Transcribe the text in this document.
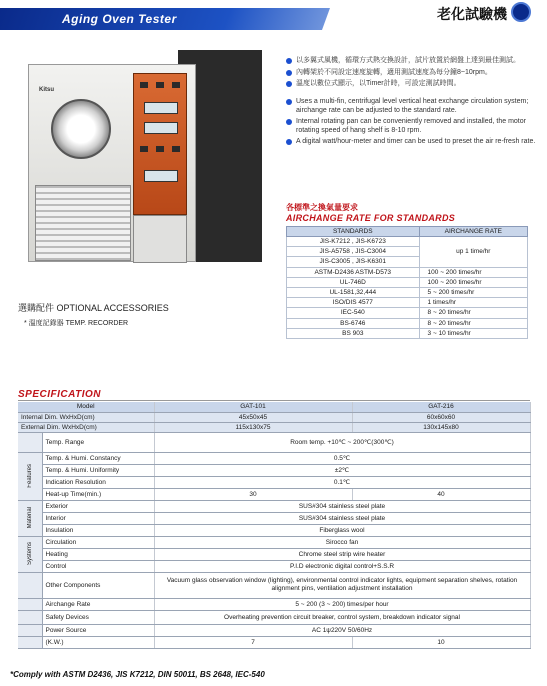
Aging Oven Tester	老化試驗機
Kitsu
選購配件 OPTIONAL ACCESSORIES
* 溫度記錄器 TEMP. RECORDER
以多翼式風機，循環方式熱交換設計，試片放置於網盤上達到最佳測試。
內轉架於不同設定速度旋轉，適用測試速度為每分鐘8~10rpm。
溫度以數位式顯示，以Timer計時，可設定測試時間。
Uses a multi-fin, centrifugal level vertical heat exchange circulation system; airchange rate can be adjusted to the standard rate.
Internal rotating pan can be conveniently removed and installed, the motor rotating speed of hang shelf is 8-10 rpm.
A digital watt/hour-meter and timer can be used to preset the air re-fresh rate.
各標準之換氣量要求
AIRCHANGE RATE FOR STANDARDS
STANDARDS	AIRCHANGE RATE
JIS-K7212 , JIS-K6723	up 1 time/hr
JIS-A5758 , JIS-C3004	
JIS-C3005 , JIS-K6301	
ASTM-D2436 ASTM-D573	100 ~ 200 times/hr
UL-746D	100 ~ 200 times/hr
UL-1581,32,444	5 ~ 200 times/hr
ISO/DIS 4577	1 times/hr
IEC-540	8 ~ 20 times/hr
BS-6746	8 ~ 20 times/hr
BS 903	3 ~ 10 times/hr
SPECIFICATION
Model		GAT-101	GAT-216
Internal Dim. WxHxD(cm)		45x50x45	60x60x60
External Dim. WxHxD(cm)		115x130x75	130x145x80
	Temp. Range	Room temp. +10℃ ~ 200℃(300℃)	

Features	Temp. & Humi. Constancy	0.5℃	
	Temp. & Humi. Uniformity	±2℃	
	Indication Resolution	0.1℃	
	Heat-up Time(min.)	30	40

Material	Exterior	SUS#304 stainless steel plate	
	Interior	SUS#304 stainless steel plate	
	Insulation	Fiberglass wool	

Systems	Circulation	Sirocco fan	
	Heating	Chrome steel strip wire heater	
	Control	P.I.D electronic digital control+S.S.R	
	Other Components	Vacuum glass observation window (lighting), environmental control indicator lights, equipment separation shelves, rotation alignment pins, ventilation adjustment installation	
	Airchange Rate	5 ~ 200 (3 ~ 200) times/per hour	
	Safety Devices	Overheating prevention circuit breaker, control system, breakdown indicator signal	
	Power Source	AC 1ψ220V 50/60Hz	
	(K.W.)	7	10
*Comply with ASTM D2436, JIS K7212, DIN 50011, BS 2648, IEC-540
